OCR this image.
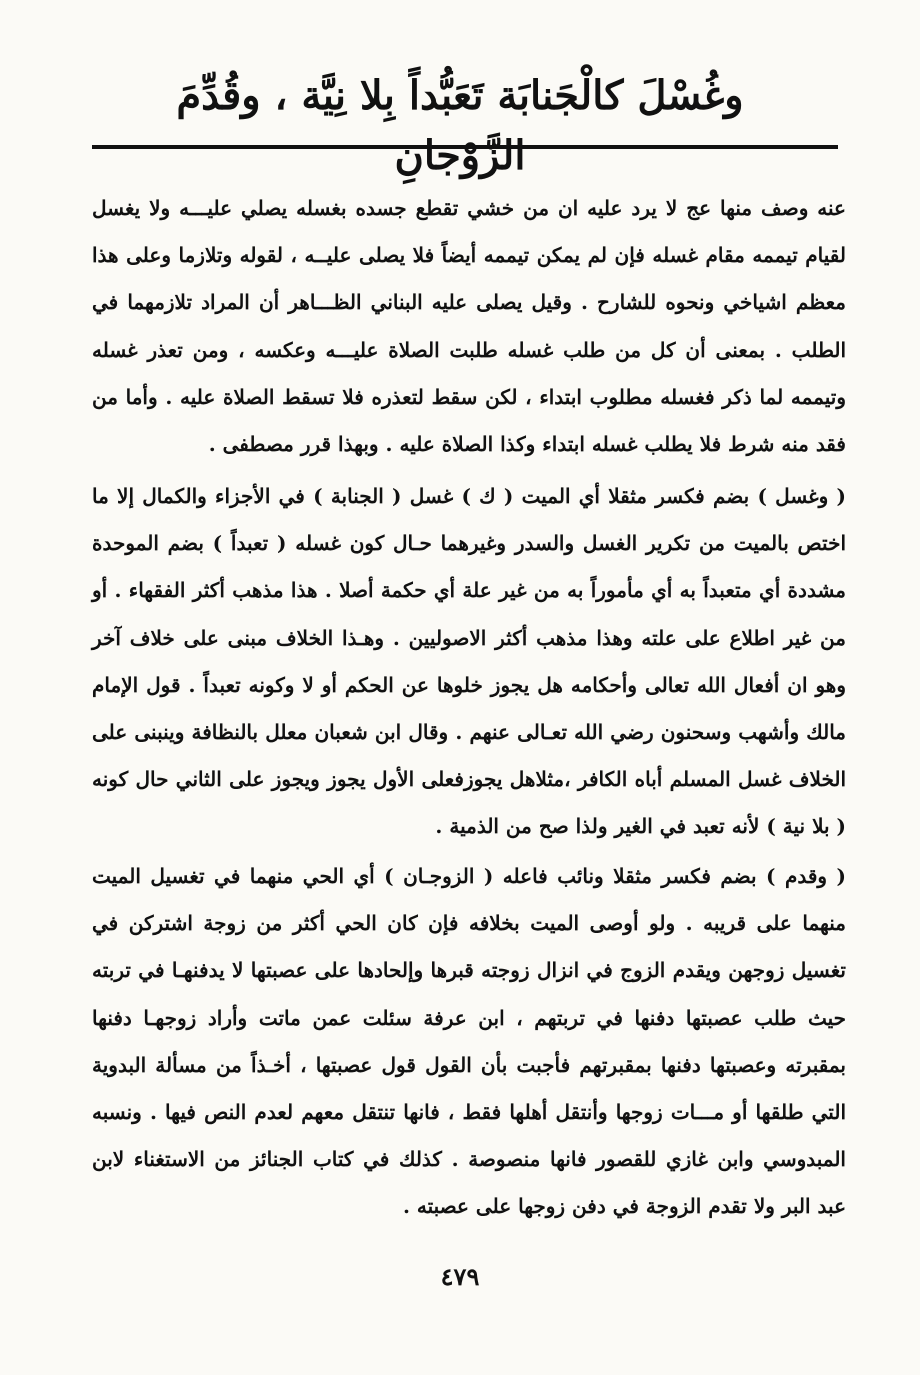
وغُسْلَ كالْجَنابَة تَعَبُّداً بِلا نِيَّة ، وقُدِّمَ الزَّوْجانِ
عنه وصف منها عج لا يرد عليه ان من خشي تقطع جسده بغسله يصلي عليـــه ولا يغسل لقيام تيممه مقام غسله فإن لم يمكن تيممه أيضاً فلا يصلى عليــه ، لقوله وتلازما وعلى هذا معظم اشياخي ونحوه للشارح . وقيل يصلى عليه البناني الظـــاهر أن المراد تلازمهما في الطلب . بمعنى أن كل من طلب غسله طلبت الصلاة عليـــه وعكسه ، ومن تعذر غسله وتيممه لما ذكر فغسله مطلوب ابتداء ، لكن سقط لتعذره فلا تسقط الصلاة عليه . وأما من فقد منه شرط فلا يطلب غسله ابتداء وكذا الصلاة عليه . وبهذا قرر مصطفى .
( وغسل ) بضم فكسر مثقلا أي الميت ( ك ) غسل ( الجنابة ) في الأجزاء والكمال إلا ما اختص بالميت من تكرير الغسل والسدر وغيرهما حـال كون غسله ( تعبداً ) بضم الموحدة مشددة أي متعبداً به أي مأموراً به من غير علة أي حكمة أصلا . هذا مذهب أكثر الفقهاء . أو من غير اطلاع على علته وهذا مذهب أكثر الاصوليين . وهـذا الخلاف مبنى على خلاف آخر وهو ان أفعال الله تعالى وأحكامه هل يجوز خلوها عن الحكم أو لا وكونه تعبداً . قول الإمام مالك وأشهب وسحنون رضي الله تعـالى عنهم . وقال ابن شعبان معلل بالنظافة وينبنى على الخلاف غسل المسلم أباه الكافر ،مثلاهل يجوزفعلى الأول يجوز ويجوز على الثاني حال كونه ( بلا نية ) لأنه تعبد في الغير ولذا صح من الذمية .
( وقدم ) بضم فكسر مثقلا ونائب فاعله ( الزوجـان ) أي الحي منهما في تغسيل الميت منهما على قريبه . ولو أوصى الميت بخلافه فإن كان الحي أكثر من زوجة اشتركن في تغسيل زوجهن ويقدم الزوج في انزال زوجته قبرها وإلحادها على عصبتها لا يدفنهـا في تربته حيث طلب عصبتها دفنها في تربتهم ، ابن عرفة سئلت عمن ماتت وأراد زوجهـا دفنها بمقبرته وعصبتها دفنها بمقبرتهم فأجبت بأن القول قول عصبتها ، أخـذاً من مسألة البدوية التي طلقها أو مـــات زوجها وأنتقل أهلها فقط ، فانها تنتقل معهم لعدم النص فيها . ونسبه المبدوسي وابن غازي للقصور فانها منصوصة . كذلك في كتاب الجنائز من الاستغناء لابن عبد البر ولا تقدم الزوجة في دفن زوجها على عصبته .
٤٧٩
